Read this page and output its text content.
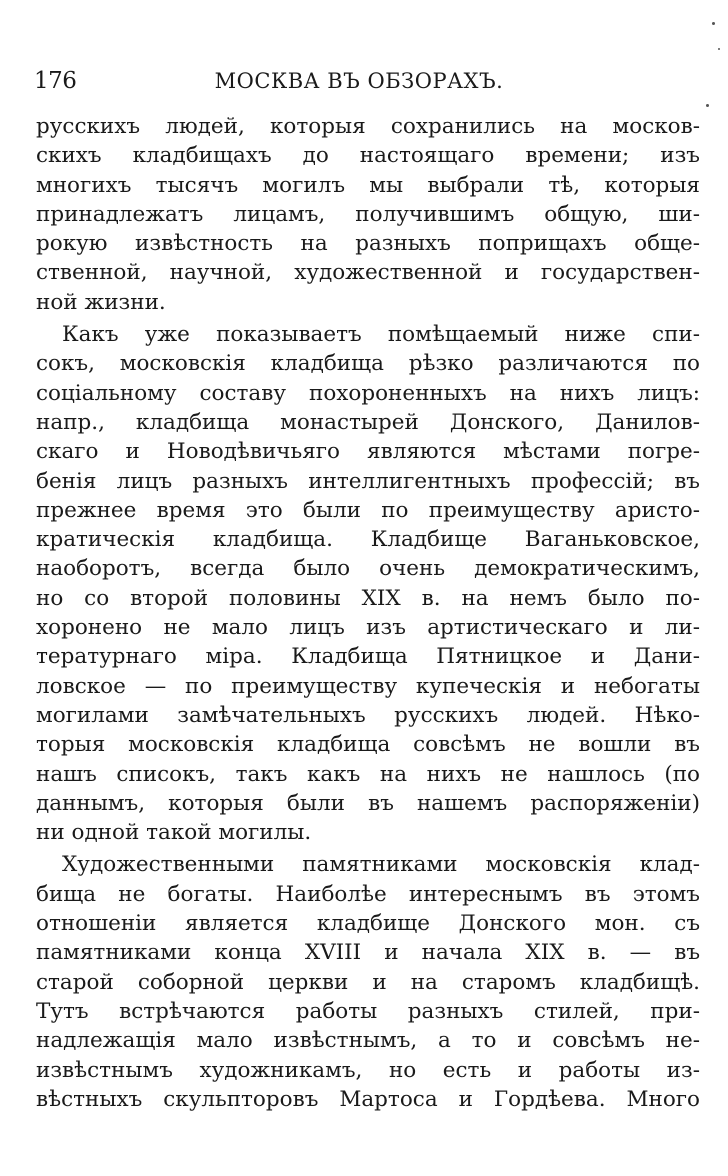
176	МОСКВА ВЪ ОБЗОРАХЪ.
русскихъ людей, которыя сохранились на москов-
скихъ кладбищахъ до настоящаго времени; изъ
многихъ тысячъ могилъ мы выбрали тѣ, которыя
принадлежатъ лицамъ, получившимъ общую, ши-
рокую извѣстность на разныхъ поприщахъ обще-
ственной, научной, художественной и государствен-
ной жизни.
Какъ уже показываетъ помѣщаемый ниже спи-
сокъ, московскія кладбища рѣзко различаются по
соціальному составу похороненныхъ на нихъ лицъ:
напр., кладбища монастырей Донского, Данилов-
скаго и Новодѣвичьяго являются мѣстами погре-
бенія лицъ разныхъ интеллигентныхъ профессій; въ
прежнее время это были по преимуществу аристо-
кратическія кладбища. Кладбище Ваганьковское,
наоборотъ, всегда было очень демократическимъ,
но со второй половины XIX в. на немъ было по-
хоронено не мало лицъ изъ артистическаго и ли-
тературнаго міра. Кладбища Пятницкое и Дани-
ловское — по преимуществу купеческія и небогаты
могилами замѣчательныхъ русскихъ людей. Нѣко-
торыя московскія кладбища совсѣмъ не вошли въ
нашъ списокъ, такъ какъ на нихъ не нашлось (по
даннымъ, которыя были въ нашемъ распоряженіи)
ни одной такой могилы.
Художественными памятниками московскія клад-
бища не богаты. Наиболѣе интереснымъ въ этомъ
отношеніи является кладбище Донского мон. съ
памятниками конца XVIII и начала XIX в. — въ
старой соборной церкви и на старомъ кладбищѣ.
Тутъ встрѣчаются работы разныхъ стилей, при-
надлежащія мало извѣстнымъ, а то и совсѣмъ не-
извѣстнымъ художникамъ, но есть и работы из-
вѣстныхъ скульпторовъ Мартоса и Гордѣева. Много
